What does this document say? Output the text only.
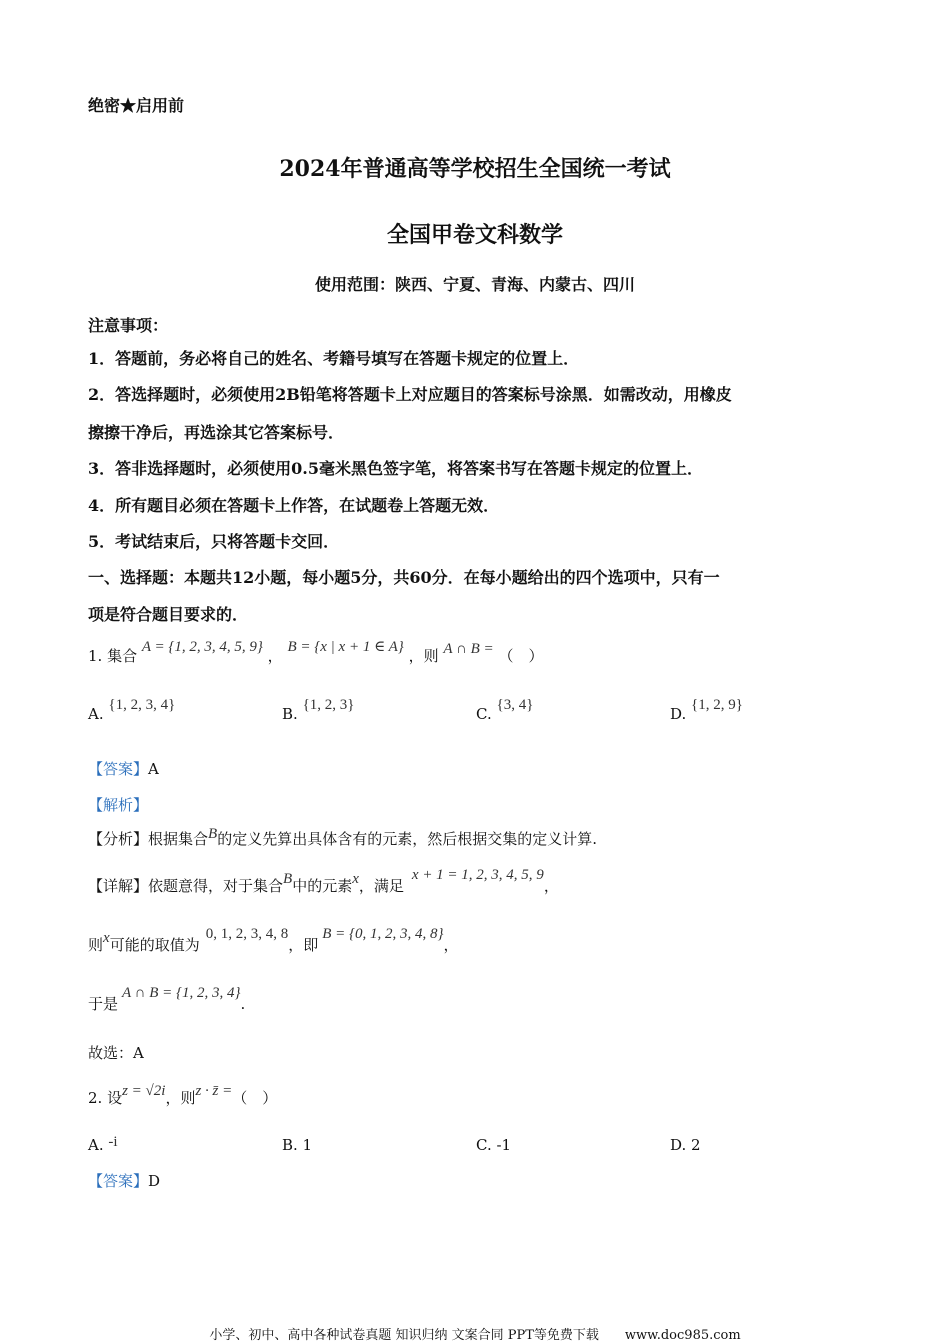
绝密★启用前
2024年普通高等学校招生全国统一考试
全国甲卷文科数学
使用范围：陕西、宁夏、青海、内蒙古、四川
注意事项：
1．答题前，务必将自己的姓名、考籍号填写在答题卡规定的位置上．
2．答选择题时，必须使用2B铅笔将答题卡上对应题目的答案标号涂黑．如需改动，用橡皮
擦擦干净后，再选涂其它答案标号．
3．答非选择题时，必须使用0.5毫米黑色签字笔，将答案书写在答题卡规定的位置上．
4．所有题目必须在答题卡上作答，在试题卷上答题无效．
5．考试结束后，只将答题卡交回．
一、选择题：本题共12小题，每小题5分，共60分．在每小题给出的四个选项中，只有一
项是符合题目要求的．
1. 集合 A = {1, 2, 3, 4, 5, 9} ， B = {x | x + 1 ∈ A} ，则 A ∩ B = （　）
A. {1, 2, 3, 4}	B. {1, 2, 3}	C. {3, 4}	D. {1, 2, 9}
【答案】A
【解析】
【分析】根据集合B的定义先算出具体含有的元素，然后根据交集的定义计算.
【详解】依题意得，对于集合B中的元素x，满足x + 1 = 1, 2, 3, 4, 5, 9，
则x可能的取值为0, 1, 2, 3, 4, 8，即B = {0, 1, 2, 3, 4, 8}，
于是A ∩ B = {1, 2, 3, 4}.
故选：A
2. 设z = √2i，则z · z̄ =（　）
A. -i	B. 1	C. -1	D. 2
【答案】D
小学、初中、高中各种试卷真题 知识归纳 文案合同 PPT等免费下载　　www.doc985.com
